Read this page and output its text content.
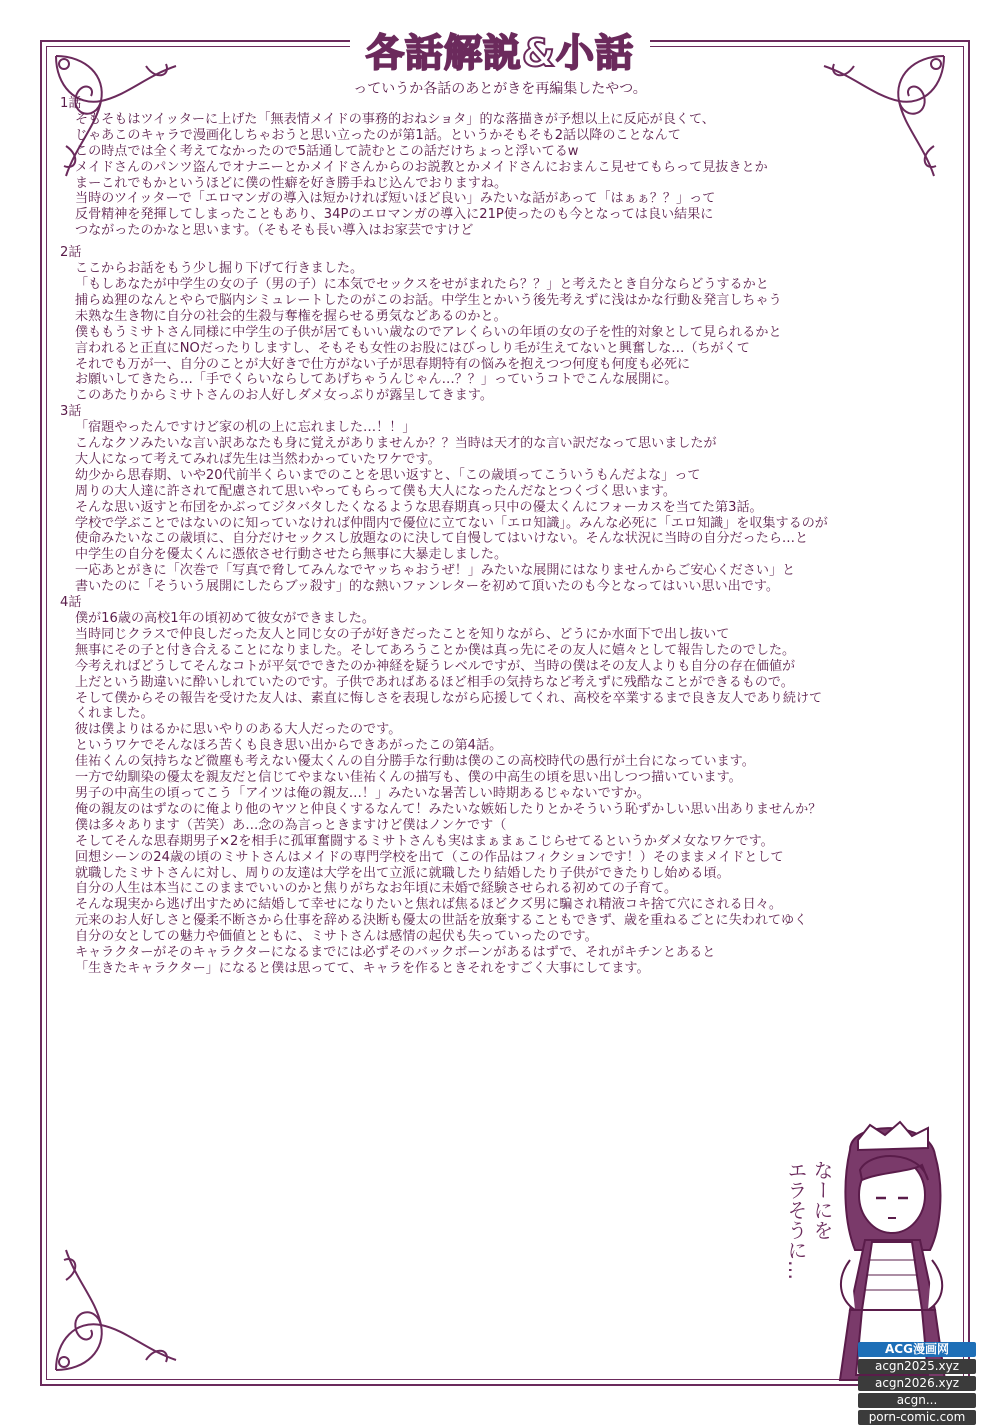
各話解説&小話
っていうか各話のあとがきを再編集したやつ。
1話
そもそもはツイッターに上げた「無表情メイドの事務的おねショタ」的な落描きが予想以上に反応が良くて、
じゃあこのキャラで漫画化しちゃおうと思い立ったのが第1話。というかそもそも2話以降のことなんて
この時点では全く考えてなかったので5話通して読むとこの話だけちょっと浮いてるw
メイドさんのパンツ盗んでオナニーとかメイドさんからのお説教とかメイドさんにおまんこ見せてもらって見抜きとか
まーこれでもかというほどに僕の性癖を好き勝手ねじ込んでおりますね。
当時のツイッターで「エロマンガの導入は短かければ短いほど良い」みたいな話があって「はぁぁ？？」って
反骨精神を発揮してしまったこともあり、34Pのエロマンガの導入に21P使ったのも今となっては良い結果に
つながったのかなと思います。（そもそも長い導入はお家芸ですけど
2話
ここからお話をもう少し掘り下げて行きました。
「もしあなたが中学生の女の子（男の子）に本気でセックスをせがまれたら？？」と考えたとき自分ならどうするかと
捕らぬ狸のなんとやらで脳内シミュレートしたのがこのお話。中学生とかいう後先考えずに浅はかな行動＆発言しちゃう
未熟な生き物に自分の社会的生殺与奪権を握らせる勇気などあるのかと。
僕ももうミサトさん同様に中学生の子供が居てもいい歳なのでアレくらいの年頃の女の子を性的対象として見られるかと
言われると正直にNOだったりしますし、そもそも女性のお股にはびっしり毛が生えてないと興奮しな…（ちがくて
それでも万が一、自分のことが大好きで仕方がない子が思春期特有の悩みを抱えつつ何度も何度も必死に
お願いしてきたら…「手でくらいならしてあげちゃうんじゃん…？？」っていうコトでこんな展開に。
このあたりからミサトさんのお人好しダメ女っぷりが露呈してきます。
3話
「宿題やったんですけど家の机の上に忘れました…！！」
こんなクソみたいな言い訳あなたも身に覚えがありませんか？？当時は天才的な言い訳だなって思いましたが
大人になって考えてみれば先生は当然わかっていたワケです。
幼少から思春期、いや20代前半くらいまでのことを思い返すと、「この歳頃ってこういうもんだよな」って
周りの大人達に許されて配慮されて思いやってもらって僕も大人になったんだなとつくづく思います。
そんな思い返すと布団をかぶってジタバタしたくなるような思春期真っ只中の優太くんにフォーカスを当てた第3話。
学校で学ぶことではないのに知っていなければ仲間内で優位に立てない「エロ知識」。みんな必死に「エロ知識」を収集するのが
使命みたいなこの歳頃に、自分だけセックスし放題なのに決して自慢してはいけない。そんな状況に当時の自分だったら…と
中学生の自分を優太くんに憑依させ行動させたら無事に大暴走しました。
一応あとがきに「次巻で「写真で脅してみんなでヤッちゃおうぜ！」みたいな展開にはなりませんからご安心ください」と
書いたのに「そういう展開にしたらブッ殺す」的な熱いファンレターを初めて頂いたのも今となってはいい思い出です。
4話
僕が16歳の高校1年の頃初めて彼女ができました。
当時同じクラスで仲良しだった友人と同じ女の子が好きだったことを知りながら、どうにか水面下で出し抜いて
無事にその子と付き合えることになりました。そしてあろうことか僕は真っ先にその友人に嬉々として報告したのでした。
今考えればどうしてそんなコトが平気でできたのか神経を疑うレベルですが、当時の僕はその友人よりも自分の存在価値が
上だという勘違いに酔いしれていたのです。子供であればあるほど相手の気持ちなど考えずに残酷なことができるもので。
そして僕からその報告を受けた友人は、素直に悔しさを表現しながら応援してくれ、高校を卒業するまで良き友人であり続けて
くれました。
彼は僕よりはるかに思いやりのある大人だったのです。
というワケでそんなほろ苦くも良き思い出からできあがったこの第4話。
佳祐くんの気持ちなど微塵も考えない優太くんの自分勝手な行動は僕のこの高校時代の愚行が土台になっています。
一方で幼馴染の優太を親友だと信じてやまない佳祐くんの描写も、僕の中高生の頃を思い出しつつ描いています。
男子の中高生の頃ってこう「アイツは俺の親友…！」みたいな暑苦しい時期あるじゃないですか。
俺の親友のはずなのに俺より他のヤツと仲良くするなんて！みたいな嫉妬したりとかそういう恥ずかしい思い出ありませんか？
僕は多々あります（苦笑）あ…念の為言っときますけど僕はノンケです（
そしてそんな思春期男子×2を相手に孤軍奮闘するミサトさんも実はまぁまぁこじらせてるというかダメ女なワケです。
回想シーンの24歳の頃のミサトさんはメイドの専門学校を出て（この作品はフィクションです！）そのままメイドとして
就職したミサトさんに対し、周りの友達は大学を出て立派に就職したり結婚したり子供ができたりし始める頃。
自分の人生は本当にこのままでいいのかと焦りがちなお年頃に未婚で経験させられる初めての子育て。
そんな現実から逃げ出すために結婚して幸せになりたいと焦れば焦るほどクズ男に騙され精液コキ捨て穴にされる日々。
元来のお人好しさと優柔不断さから仕事を辞める決断も優太の世話を放棄することもできず、歳を重ねるごとに失われてゆく
自分の女としての魅力や価値とともに、ミサトさんは感情の起伏も失っていったのです。
キャラクターがそのキャラクターになるまでには必ずそのバックボーンがあるはずで、それがキチンとあると
「生きたキャラクター」になると僕は思ってて、キャラを作るときそれをすごく大事にしてます。
なーにを
エラそうに…
ACG漫画网
acgn2025.xyz
acgn2026.xyz
acgn...
porn-comic.com
